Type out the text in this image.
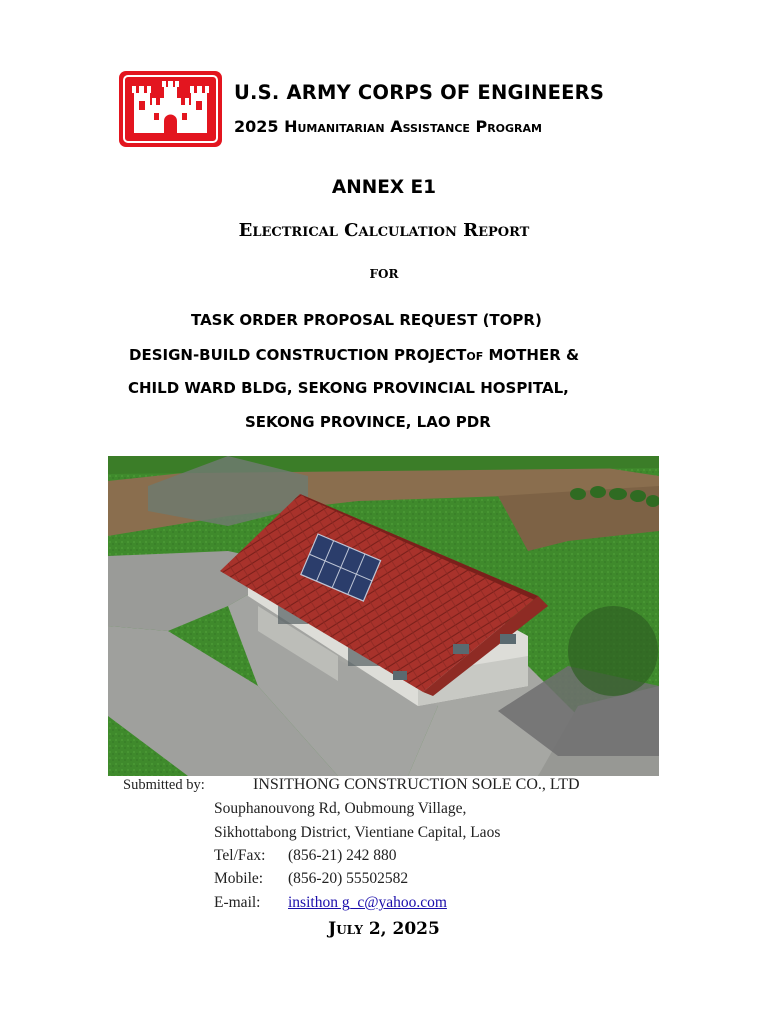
U.S. ARMY CORPS OF ENGINEERS
2025 Humanitarian Assistance Program
ANNEX E1
Electrical Calculation Report
for
TASK ORDER PROPOSAL REQUEST (TOPR)
DESIGN-BUILD CONSTRUCTION PROJECTof MOTHER &
CHILD WARD BLDG, SEKONG PROVINCIAL HOSPITAL,
SEKONG PROVINCE, LAO PDR
Submitted by:	INSITHONG CONSTRUCTION SOLE CO., LTD
Souphanouvong Rd, Oubmoung Village,
Sikhottabong District, Vientiane Capital, Laos
Tel/Fax: (856-21) 242 880
Mobile: (856-20) 55502582
E-mail: insithon g_c@yahoo.com
July 2, 2025
